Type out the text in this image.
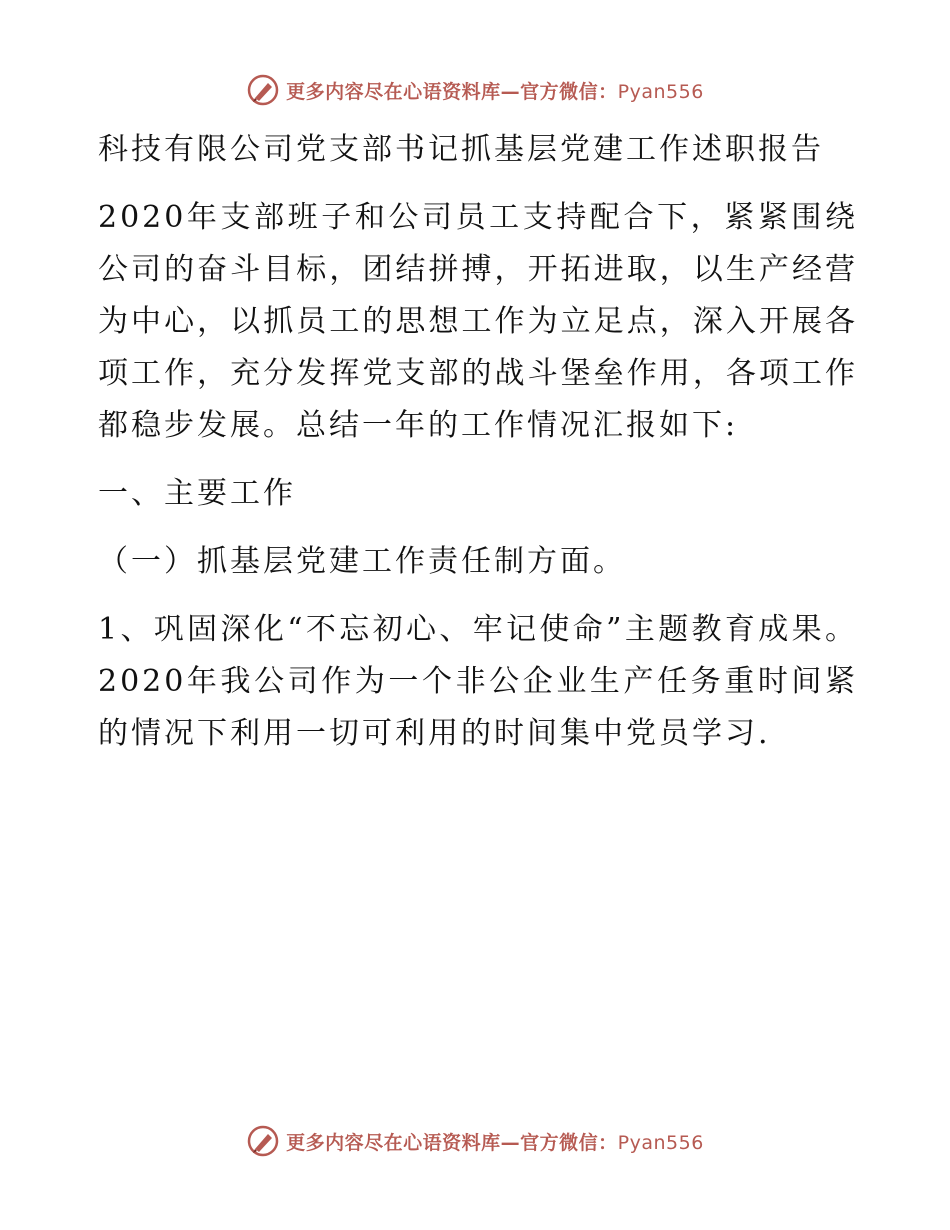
更多内容尽在心语资料库—官方微信：Pyan556

科技有限公司党支部书记抓基层党建工作述职报告

2020年支部班子和公司员工支持配合下，紧紧围绕公司的奋斗目标，团结拼搏，开拓进取，以生产经营为中心，以抓员工的思想工作为立足点，深入开展各项工作，充分发挥党支部的战斗堡垒作用，各项工作都稳步发展。总结一年的工作情况汇报如下:

一、主要工作

（一）抓基层党建工作责任制方面。

1、巩固深化“不忘初心、牢记使命”主题教育成果。2020年我公司作为一个非公企业生产任务重时间紧的情况下利用一切可利用的时间集中党员学习.

更多内容尽在心语资料库—官方微信：Pyan556
